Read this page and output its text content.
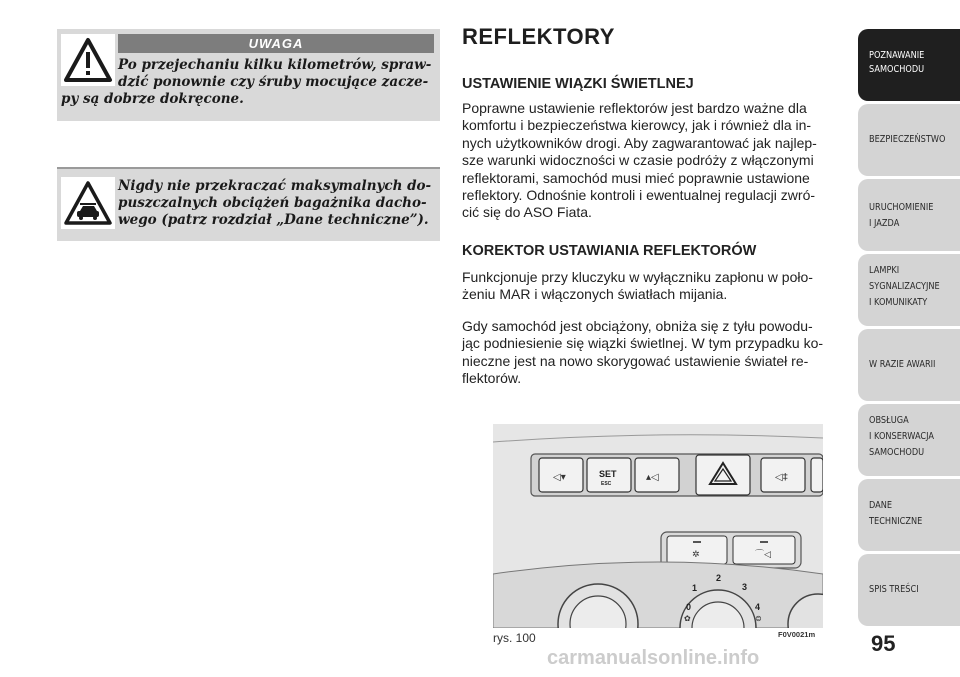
UWAGA
Po przejechaniu kilku kilometrów, spraw-
dzić ponownie czy śruby mocujące zacze-
py są dobrze dokręcone.
Nigdy nie przekraczać maksymalnych do-
puszczalnych obciążeń bagażnika dacho-
wego (patrz rozdział „Dane techniczne”).
REFLEKTORY
USTAWIENIE WIĄZKI ŚWIETLNEJ
Poprawne ustawienie reflektorów jest bardzo ważne dla
komfortu i bezpieczeństwa kierowcy, jak i również dla in-
nych użytkowników drogi. Aby zagwarantować jak najlep-
sze warunki widoczności w czasie podróży z włączonymi
reflektorami, samochód musi mieć poprawnie ustawione
reflektory. Odnośnie kontroli i ewentualnej regulacji zwró-
cić się do ASO Fiata.
KOREKTOR USTAWIANIA REFLEKTORÓW
Funkcjonuje przy kluczyku w wyłączniku zapłonu w poło-
żeniu MAR i włączonych światłach mijania.
Gdy samochód jest obciążony, obniża się z tyłu powodu-
jąc podniesienie się wiązki świetlnej. W tym przypadku ko-
nieczne jest na nowo skorygować ustawienie świateł re-
flektorów.
◁▾	SET
ESC
▴◁	◁‡
✲	⌒◁
0
1
2
3
4
✿	⊜
rys. 100	F0V0021m
POZNAWANIE
SAMOCHODU
BEZPIECZEŃSTWO
URUCHOMIENIE
I JAZDA
LAMPKI
SYGNALIZACYJNE
I KOMUNIKATY
W RAZIE AWARII
OBSŁUGA
I KONSERWACJA
SAMOCHODU
DANE
TECHNICZNE
SPIS TREŚCI
95
carmanualsonline.info
